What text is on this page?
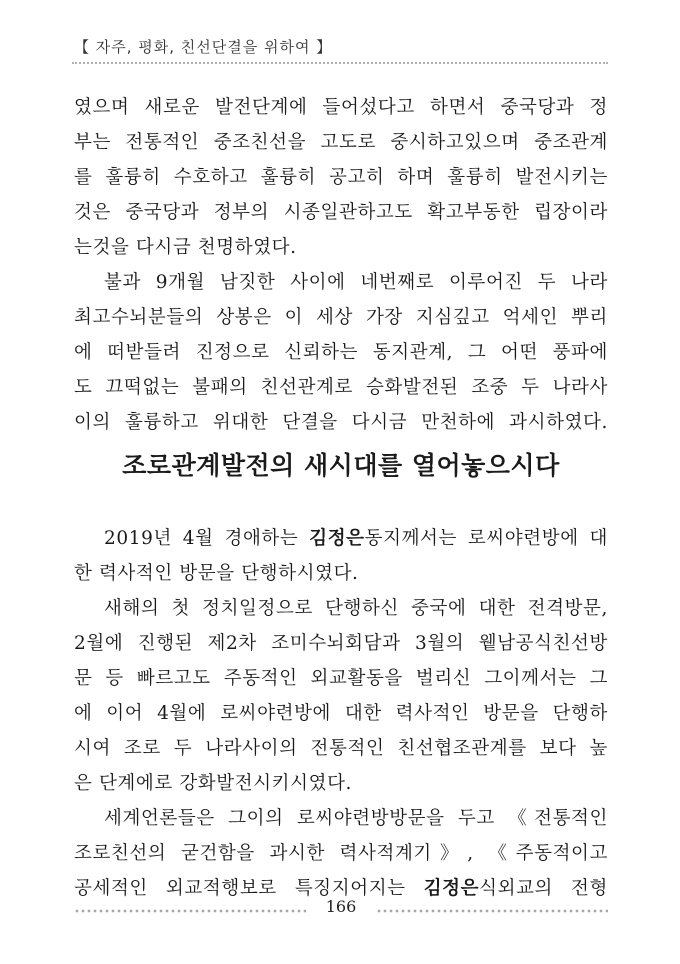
【 자주, 평화, 친선단결을 위하여 】
였으며 새로운 발전단계에 들어섰다고 하면서 중국당과 정
부는 전통적인 중조친선을 고도로 중시하고있으며 중조관계
를 훌륭히 수호하고 훌륭히 공고히 하며 훌륭히 발전시키는
것은 중국당과 정부의 시종일관하고도 확고부동한 립장이라
는것을 다시금 천명하였다.
불과 9개월 남짓한 사이에 네번째로 이루어진 두 나라
최고수뇌분들의 상봉은 이 세상 가장 지심깊고 억세인 뿌리
에 떠받들려 진정으로 신뢰하는 동지관계, 그 어떤 풍파에
도 끄떡없는 불패의 친선관계로 승화발전된 조중 두 나라사
이의 훌륭하고 위대한 단결을 다시금 만천하에 과시하였다.
조로관계발전의 새시대를 열어놓으시다
2019년 4월 경애하는 김정은동지께서는 로씨야련방에 대
한 력사적인 방문을 단행하시였다.
새해의 첫 정치일정으로 단행하신 중국에 대한 전격방문,
2월에 진행된 제2차 조미수뇌회담과 3월의 윁남공식친선방
문 등 빠르고도 주동적인 외교활동을 벌리신 그이께서는 그
에 이어 4월에 로씨야련방에 대한 력사적인 방문을 단행하
시여 조로 두 나라사이의 전통적인 친선협조관계를 보다 높
은 단계에로 강화발전시키시였다.
세계언론들은 그이의 로씨야련방방문을 두고 《전통적인
조로친선의 굳건함을 과시한 력사적계기》, 《주동적이고
공세적인 외교적행보로 특징지어지는 김정은식외교의 전형
166
